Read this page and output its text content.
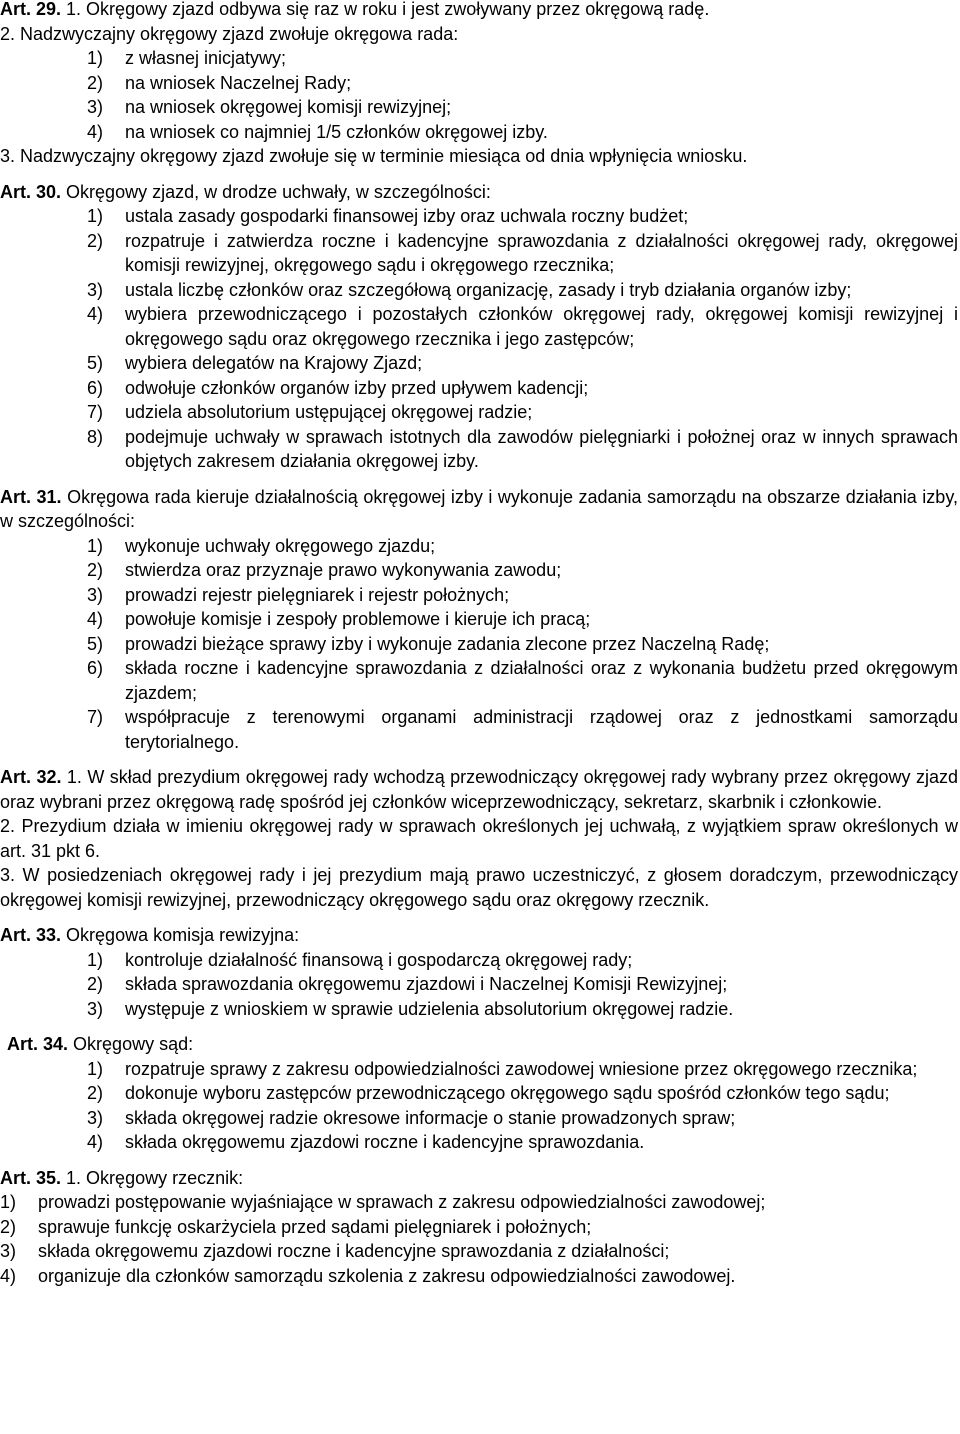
Art. 29. 1. Okręgowy zjazd odbywa się raz w roku i jest zwoływany przez okręgową radę.

2. Nadzwyczajny okręgowy zjazd zwołuje okręgowa rada:

1) z własnej inicjatywy;
2) na wniosek Naczelnej Rady;
3) na wniosek okręgowej komisji rewizyjnej;
4) na wniosek co najmniej 1/5 członków okręgowej izby.

3. Nadzwyczajny okręgowy zjazd zwołuje się w terminie miesiąca od dnia wpłynięcia wniosku.

Art. 30. Okręgowy zjazd, w drodze uchwały, w szczególności:

1) ustala zasady gospodarki finansowej izby oraz uchwala roczny budżet;
2) rozpatruje i zatwierdza roczne i kadencyjne sprawozdania z działalności okręgowej rady, okręgowej komisji rewizyjnej, okręgowego sądu i okręgowego rzecznika;
3) ustala liczbę członków oraz szczegółową organizację, zasady i tryb działania organów izby;
4) wybiera przewodniczącego i pozostałych członków okręgowej rady, okręgowej komisji rewizyjnej i okręgowego sądu oraz okręgowego rzecznika i jego zastępców;
5) wybiera delegatów na Krajowy Zjazd;
6) odwołuje członków organów izby przed upływem kadencji;
7) udziela absolutorium ustępującej okręgowej radzie;
8) podejmuje uchwały w sprawach istotnych dla zawodów pielęgniarki i położnej oraz w innych sprawach objętych zakresem działania okręgowej izby.

Art. 31. Okręgowa rada kieruje działalnością okręgowej izby i wykonuje zadania samorządu na obszarze działania izby, w szczególności:

1) wykonuje uchwały okręgowego zjazdu;
2) stwierdza oraz przyznaje prawo wykonywania zawodu;
3) prowadzi rejestr pielęgniarek i rejestr położnych;
4) powołuje komisje i zespoły problemowe i kieruje ich pracą;
5) prowadzi bieżące sprawy izby i wykonuje zadania zlecone przez Naczelną Radę;
6) składa roczne i kadencyjne sprawozdania z działalności oraz z wykonania budżetu przed okręgowym zjazdem;
7) współpracuje z terenowymi organami administracji rządowej oraz z jednostkami samorządu terytorialnego.

Art. 32. 1. W skład prezydium okręgowej rady wchodzą przewodniczący okręgowej rady wybrany przez okręgowy zjazd oraz wybrani przez okręgową radę spośród jej członków wiceprzewodniczący, sekretarz, skarbnik i członkowie.

2. Prezydium działa w imieniu okręgowej rady w sprawach określonych jej uchwałą, z wyjątkiem spraw określonych w art. 31 pkt 6.

3. W posiedzeniach okręgowej rady i jej prezydium mają prawo uczestniczyć, z głosem doradczym, przewodniczący okręgowej komisji rewizyjnej, przewodniczący okręgowego sądu oraz okręgowy rzecznik.

Art. 33. Okręgowa komisja rewizyjna:

1) kontroluje działalność finansową i gospodarczą okręgowej rady;
2) składa sprawozdania okręgowemu zjazdowi i Naczelnej Komisji Rewizyjnej;
3) występuje z wnioskiem w sprawie udzielenia absolutorium okręgowej radzie.

Art. 34. Okręgowy sąd:

1) rozpatruje sprawy z zakresu odpowiedzialności zawodowej wniesione przez okręgowego rzecznika;
2) dokonuje wyboru zastępców przewodniczącego okręgowego sądu spośród członków tego sądu;
3) składa okręgowej radzie okresowe informacje o stanie prowadzonych spraw;
4) składa okręgowemu zjazdowi roczne i kadencyjne sprawozdania.

Art. 35. 1. Okręgowy rzecznik:

1) prowadzi postępowanie wyjaśniające w sprawach z zakresu odpowiedzialności zawodowej;
2) sprawuje funkcję oskarżyciela przed sądami pielęgniarek i położnych;
3) składa okręgowemu zjazdowi roczne i kadencyjne sprawozdania z działalności;
4) organizuje dla członków samorządu szkolenia z zakresu odpowiedzialności zawodowej.
